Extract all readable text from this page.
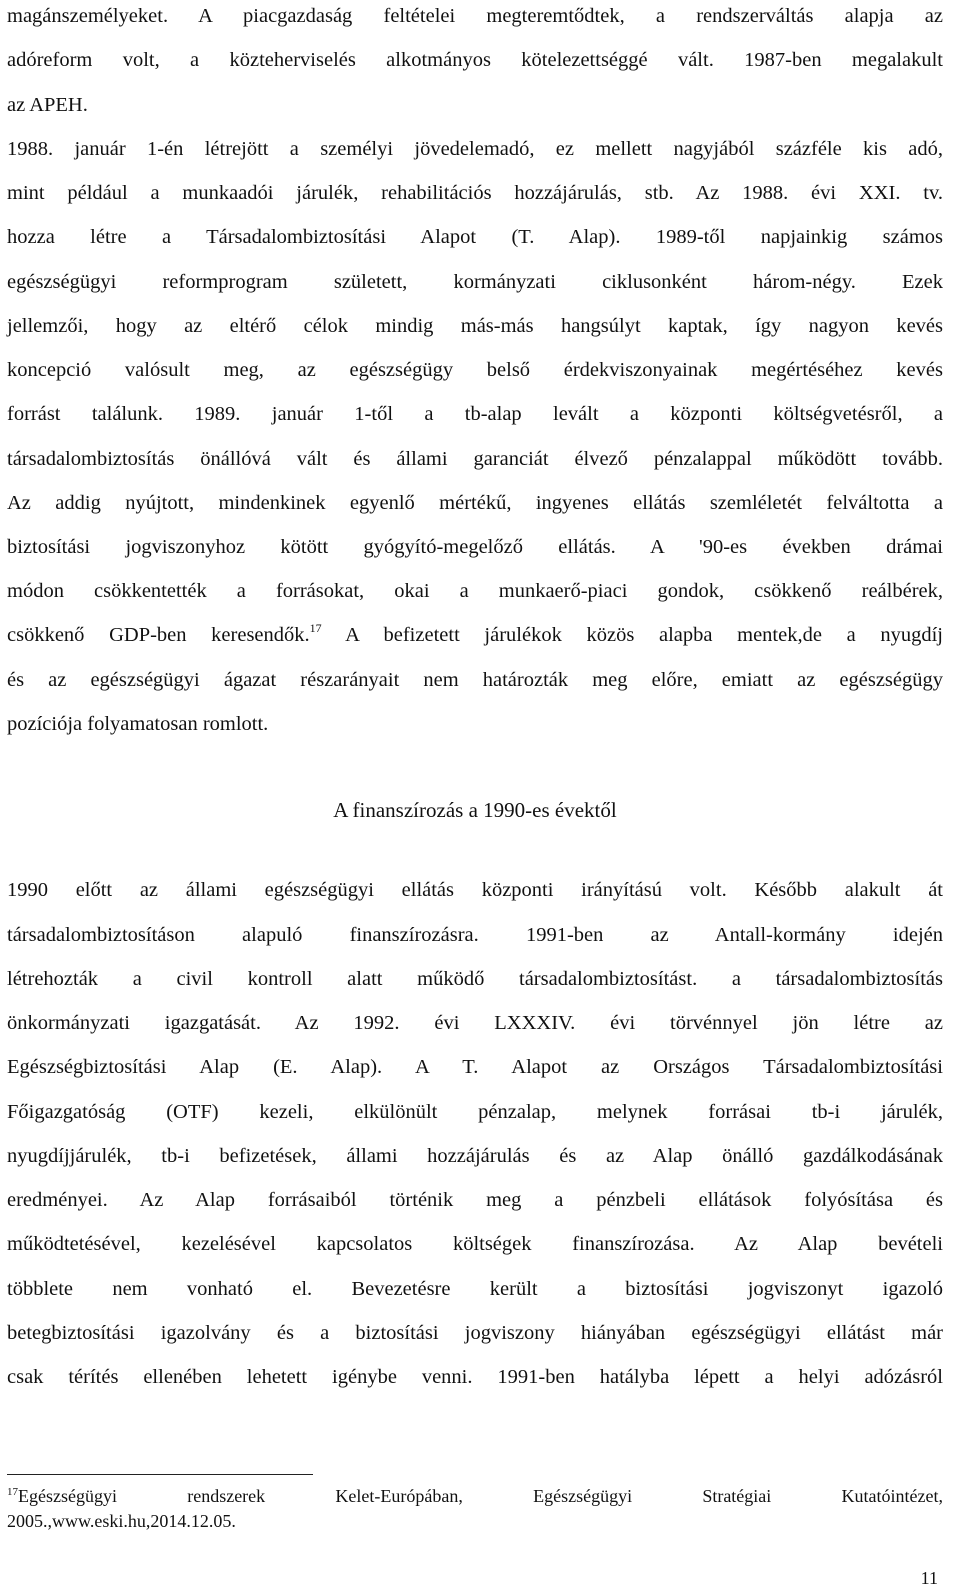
magánszemélyeket. A piacgazdaság feltételei megteremtődtek, a rendszerváltás alapja az
adóreform volt, a közteherviselés alkotmányos kötelezettséggé vált. 1987-ben megalakult
az APEH.
1988. január 1-én létrejött a személyi jövedelemadó, ez mellett nagyjából százféle kis adó,
mint például a munkaadói járulék, rehabilitációs hozzájárulás, stb. Az 1988. évi XXI. tv.
hozza létre a Társadalombiztosítási Alapot (T. Alap). 1989-től napjainkig számos
egészségügyi reformprogram született, kormányzati ciklusonként három-négy. Ezek
jellemzői, hogy az eltérő célok mindig más-más hangsúlyt kaptak, így nagyon kevés
koncepció valósult meg, az egészségügy belső érdekviszonyainak megértéséhez kevés
forrást találunk. 1989. január 1-től a tb-alap levált a központi költségvetésről, a
társadalombiztosítás önállóvá vált és állami garanciát élvező pénzalappal működött tovább.
Az addig nyújtott, mindenkinek egyenlő mértékű, ingyenes ellátás szemléletét felváltotta a
biztosítási jogviszonyhoz kötött gyógyító-megelőző ellátás. A '90-es években drámai
módon csökkentették a forrásokat, okai a munkaerő-piaci gondok, csökkenő reálbérek,
csökkenő GDP-ben keresendők.$^{17}$ A befizetett járulékok közös alapba mentek,de a nyugdíj
és az egészségügyi ágazat részarányait nem határozták meg előre, emiatt az egészségügy
pozíciója folyamatosan romlott.
A finanszírozás a 1990-es évektől
1990 előtt az állami egészségügyi ellátás központi irányítású volt. Később alakult át
társadalombiztosításon alapuló finanszírozásra. 1991-ben az Antall-kormány idején
létrehozták a civil kontroll alatt működő társadalombiztosítást. a társadalombiztosítás
önkormányzati igazgatását. Az 1992. évi LXXXIV. évi törvénnyel jön létre az
Egészségbiztosítási Alap (E. Alap). A T. Alapot az Országos Társadalombiztosítási
Főigazgatóság (OTF) kezeli, elkülönült pénzalap, melynek forrásai tb-i járulék,
nyugdíjjárulék, tb-i befizetések, állami hozzájárulás és az Alap önálló gazdálkodásának
eredményei. Az Alap forrásaiból történik meg a pénzbeli ellátások folyósítása és
működtetésével, kezelésével kapcsolatos költségek finanszírozása. Az Alap bevételi
többlete nem vonható el. Bevezetésre került a biztosítási jogviszonyt igazoló
betegbiztosítási igazolvány és a biztosítási jogviszony hiányában egészségügyi ellátást már
csak térítés ellenében lehetett igénybe venni. 1991-ben hatályba lépett a helyi adózásról
$^{17}$Egészségügyi rendszerek Kelet-Európában, Egészségügyi Stratégiai Kutatóintézet,
2005.,www.eski.hu,2014.12.05.
11
